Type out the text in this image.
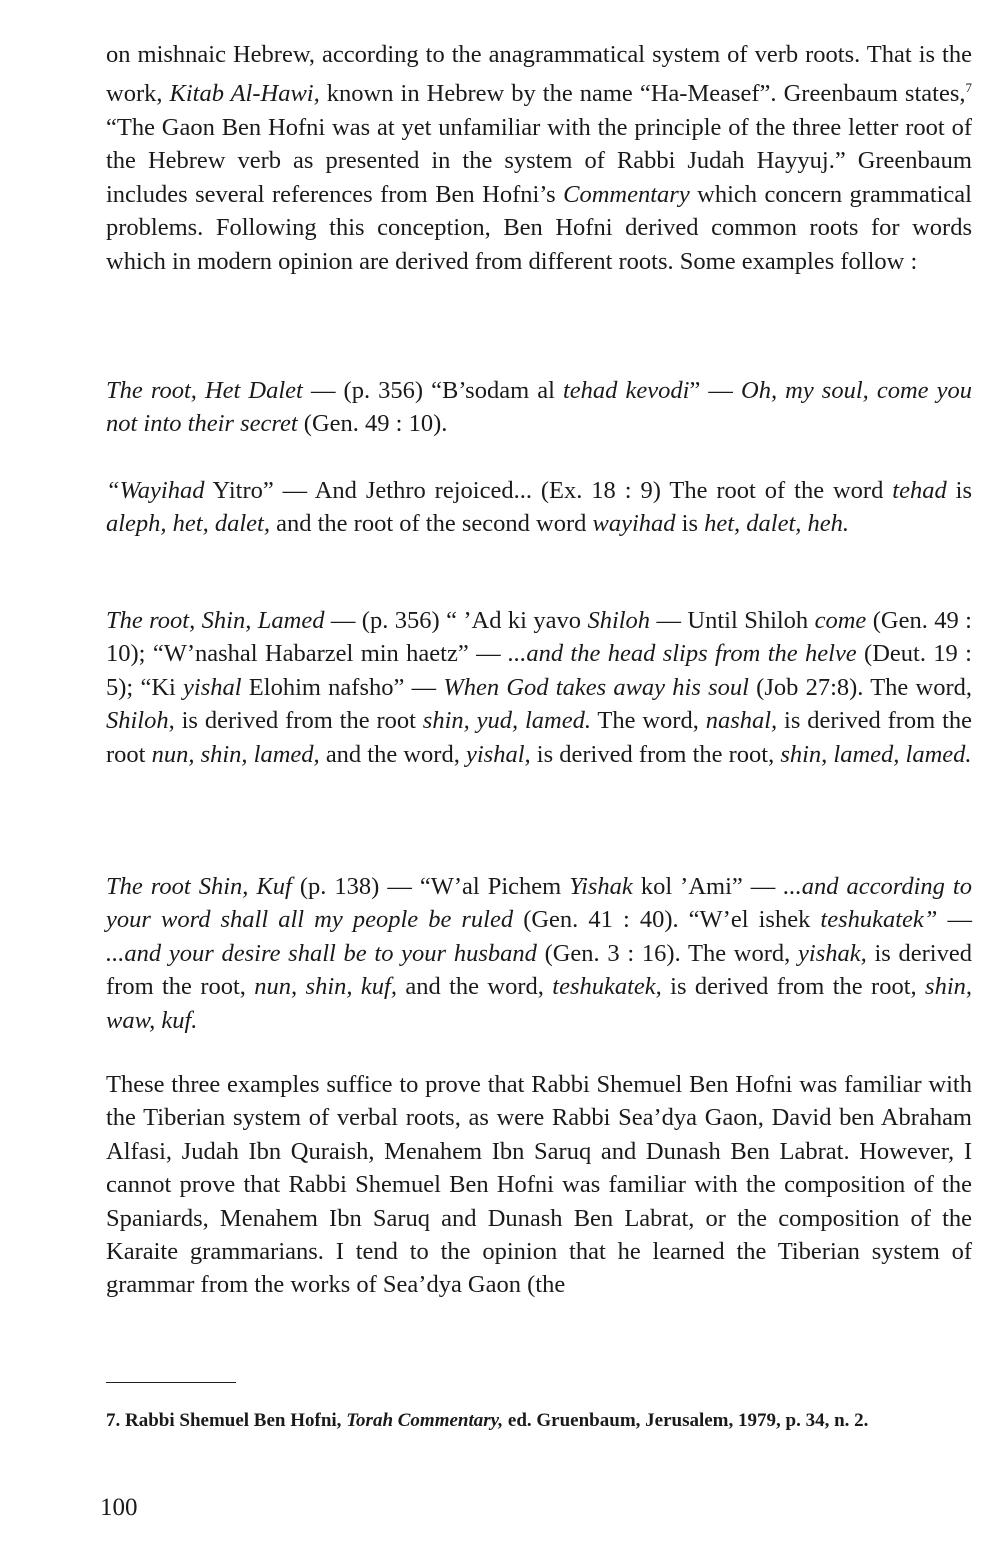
on mishnaic Hebrew, according to the anagrammatical system of verb roots. That is the work, Kitab Al-Hawi, known in Hebrew by the name “Ha-Measef”. Greenbaum states,$^7$ “The Gaon Ben Hofni was at yet unfamiliar with the principle of the three letter root of the Hebrew verb as presented in the system of Rabbi Judah Hayyuj.” Greenbaum includes several references from Ben Hofni’s Commentary which concern grammatical problems. Following this conception, Ben Hofni derived common roots for words which in modern opinion are derived from different roots. Some examples follow :

The root, Het Dalet — (p. 356) “B’sodam al tehad kevodi” — Oh, my soul, come you not into their secret (Gen. 49 : 10).

“Wayihad Yitro” — And Jethro rejoiced... (Ex. 18 : 9) The root of the word tehad is aleph, het, dalet, and the root of the second word wayihad is het, dalet, heh.

The root, Shin, Lamed — (p. 356) “ ’Ad ki yavo Shiloh — Until Shiloh come (Gen. 49 : 10); “W’nashal Habarzel min haetz” — ...and the head slips from the helve (Deut. 19 : 5); “Ki yishal Elohim nafsho” — When God takes away his soul (Job 27:8). The word, Shiloh, is derived from the root shin, yud, lamed. The word, nashal, is derived from the root nun, shin, lamed, and the word, yishal, is derived from the root, shin, lamed, lamed.

The root Shin, Kuf (p. 138) — “W’al Pichem Yishak kol ’Ami” — ...and according to your word shall all my people be ruled (Gen. 41 : 40). “W’el ishek teshukatek” — ...and your desire shall be to your husband (Gen. 3 : 16). The word, yishak, is derived from the root, nun, shin, kuf, and the word, teshukatek, is derived from the root, shin, waw, kuf.

These three examples suffice to prove that Rabbi Shemuel Ben Hofni was familiar with the Tiberian system of verbal roots, as were Rabbi Sea’dya Gaon, David ben Abraham Alfasi, Judah Ibn Quraish, Menahem Ibn Saruq and Dunash Ben Labrat. However, I cannot prove that Rabbi Shemuel Ben Hofni was familiar with the composition of the Spaniards, Menahem Ibn Saruq and Dunash Ben Labrat, or the composition of the Karaite grammarians. I tend to the opinion that he learned the Tiberian system of grammar from the works of Sea’dya Gaon (the

7. Rabbi Shemuel Ben Hofni, Torah Commentary, ed. Gruenbaum, Jerusalem, 1979, p. 34, n. 2.

100
